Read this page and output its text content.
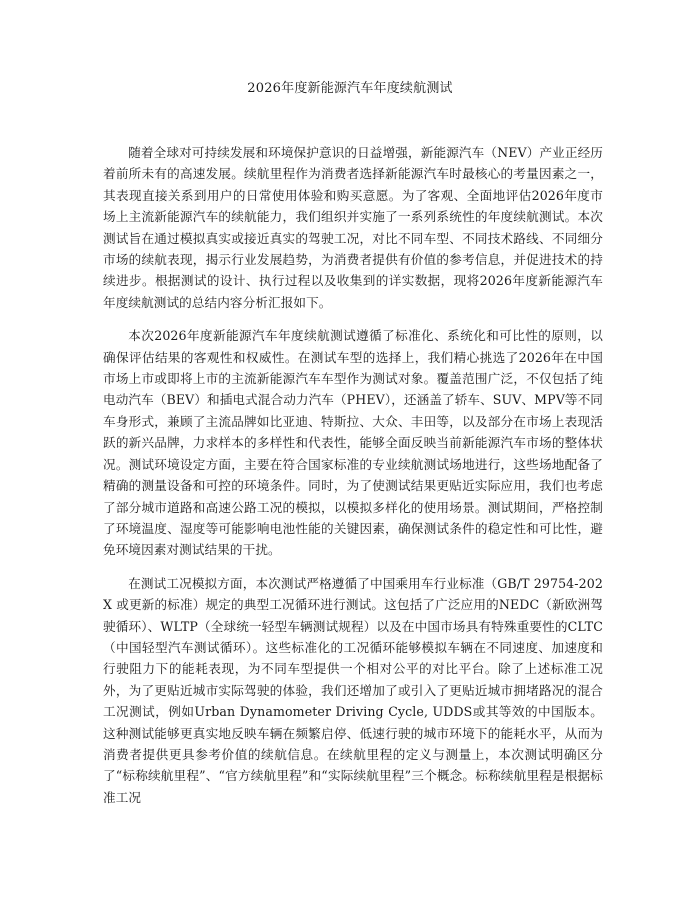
2026年度新能源汽车年度续航测试

随着全球对可持续发展和环境保护意识的日益增强，新能源汽车（NEV）产业正经历着前所未有的高速发展。续航里程作为消费者选择新能源汽车时最核心的考量因素之一，其表现直接关系到用户的日常使用体验和购买意愿。为了客观、全面地评估2026年度市场上主流新能源汽车的续航能力，我们组织并实施了一系列系统性的年度续航测试。本次测试旨在通过模拟真实或接近真实的驾驶工况，对比不同车型、不同技术路线、不同细分市场的续航表现，揭示行业发展趋势，为消费者提供有价值的参考信息，并促进技术的持续进步。根据测试的设计、执行过程以及收集到的详实数据，现将2026年度新能源汽车年度续航测试的总结内容分析汇报如下。

本次2026年度新能源汽车年度续航测试遵循了标准化、系统化和可比性的原则，以确保评估结果的客观性和权威性。在测试车型的选择上，我们精心挑选了2026年在中国市场上市或即将上市的主流新能源汽车车型作为测试对象。覆盖范围广泛，不仅包括了纯电动汽车（BEV）和插电式混合动力汽车（PHEV），还涵盖了轿车、SUV、MPV等不同车身形式，兼顾了主流品牌如比亚迪、特斯拉、大众、丰田等，以及部分在市场上表现活跃的新兴品牌，力求样本的多样性和代表性，能够全面反映当前新能源汽车市场的整体状况。测试环境设定方面，主要在符合国家标准的专业续航测试场地进行，这些场地配备了精确的测量设备和可控的环境条件。同时，为了使测试结果更贴近实际应用，我们也考虑了部分城市道路和高速公路工况的模拟，以模拟多样化的使用场景。测试期间，严格控制了环境温度、湿度等可能影响电池性能的关键因素，确保测试条件的稳定性和可比性，避免环境因素对测试结果的干扰。

在测试工况模拟方面，本次测试严格遵循了中国乘用车行业标准（GB/T 29754-202X 或更新的标准）规定的典型工况循环进行测试。这包括了广泛应用的NEDC（新欧洲驾驶循环）、WLTP（全球统一轻型车辆测试规程）以及在中国市场具有特殊重要性的CLTC（中国轻型汽车测试循环）。这些标准化的工况循环能够模拟车辆在不同速度、加速度和行驶阻力下的能耗表现，为不同车型提供一个相对公平的对比平台。除了上述标准工况外，为了更贴近城市实际驾驶的体验，我们还增加了或引入了更贴近城市拥堵路况的混合工况测试，例如Urban Dynamometer Driving Cycle, UDDS或其等效的中国版本。这种测试能够更真实地反映车辆在频繁启停、低速行驶的城市环境下的能耗水平，从而为消费者提供更具参考价值的续航信息。在续航里程的定义与测量上，本次测试明确区分了“标称续航里程”、“官方续航里程”和“实际续航里程”三个概念。标称续航里程是根据标准工况
